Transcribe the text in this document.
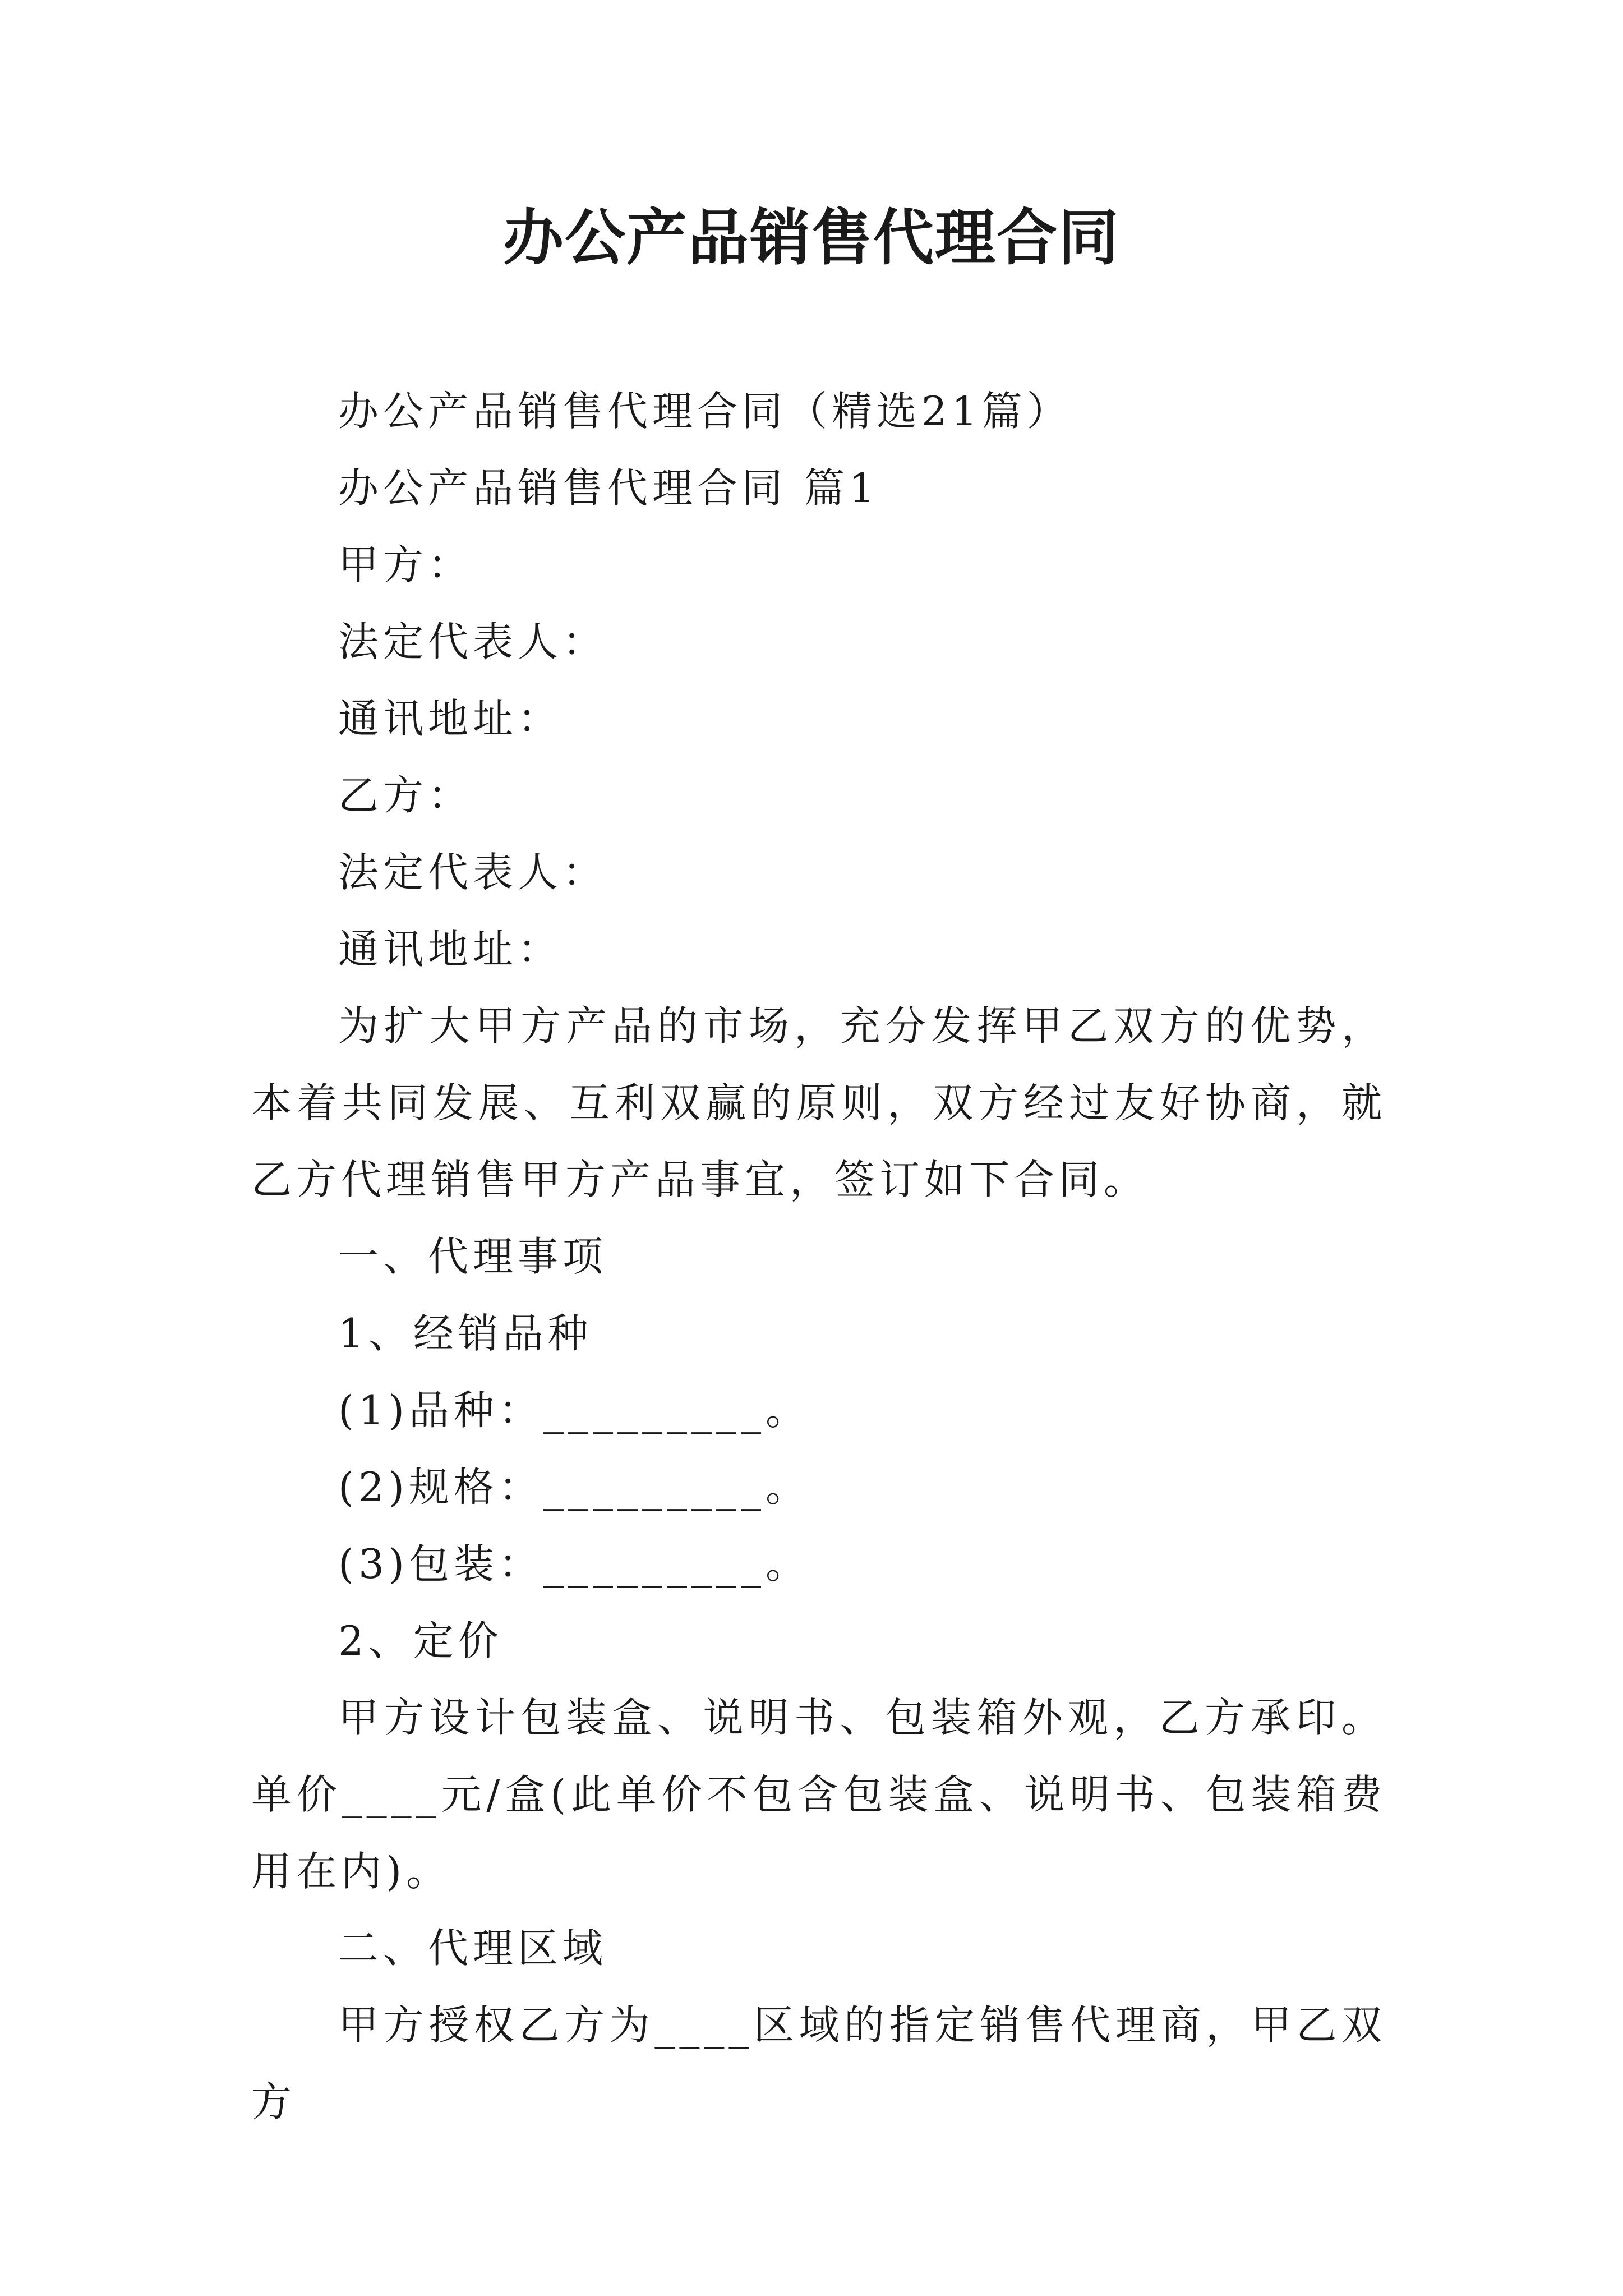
办公产品销售代理合同

办公产品销售代理合同（精选21篇）

办公产品销售代理合同 篇1

甲方：

法定代表人：

通讯地址：

乙方：

法定代表人：

通讯地址：

为扩大甲方产品的市场，充分发挥甲乙双方的优势，本着共同发展、互利双赢的原则，双方经过友好协商，就乙方代理销售甲方产品事宜，签订如下合同。

一、代理事项

1、经销品种

(1)品种：_________。

(2)规格：_________。

(3)包装：_________。

2、定价

甲方设计包装盒、说明书、包装箱外观，乙方承印。单价____元/盒(此单价不包含包装盒、说明书、包装箱费用在内)。

二、代理区域

甲方授权乙方为____区域的指定销售代理商，甲乙双方
